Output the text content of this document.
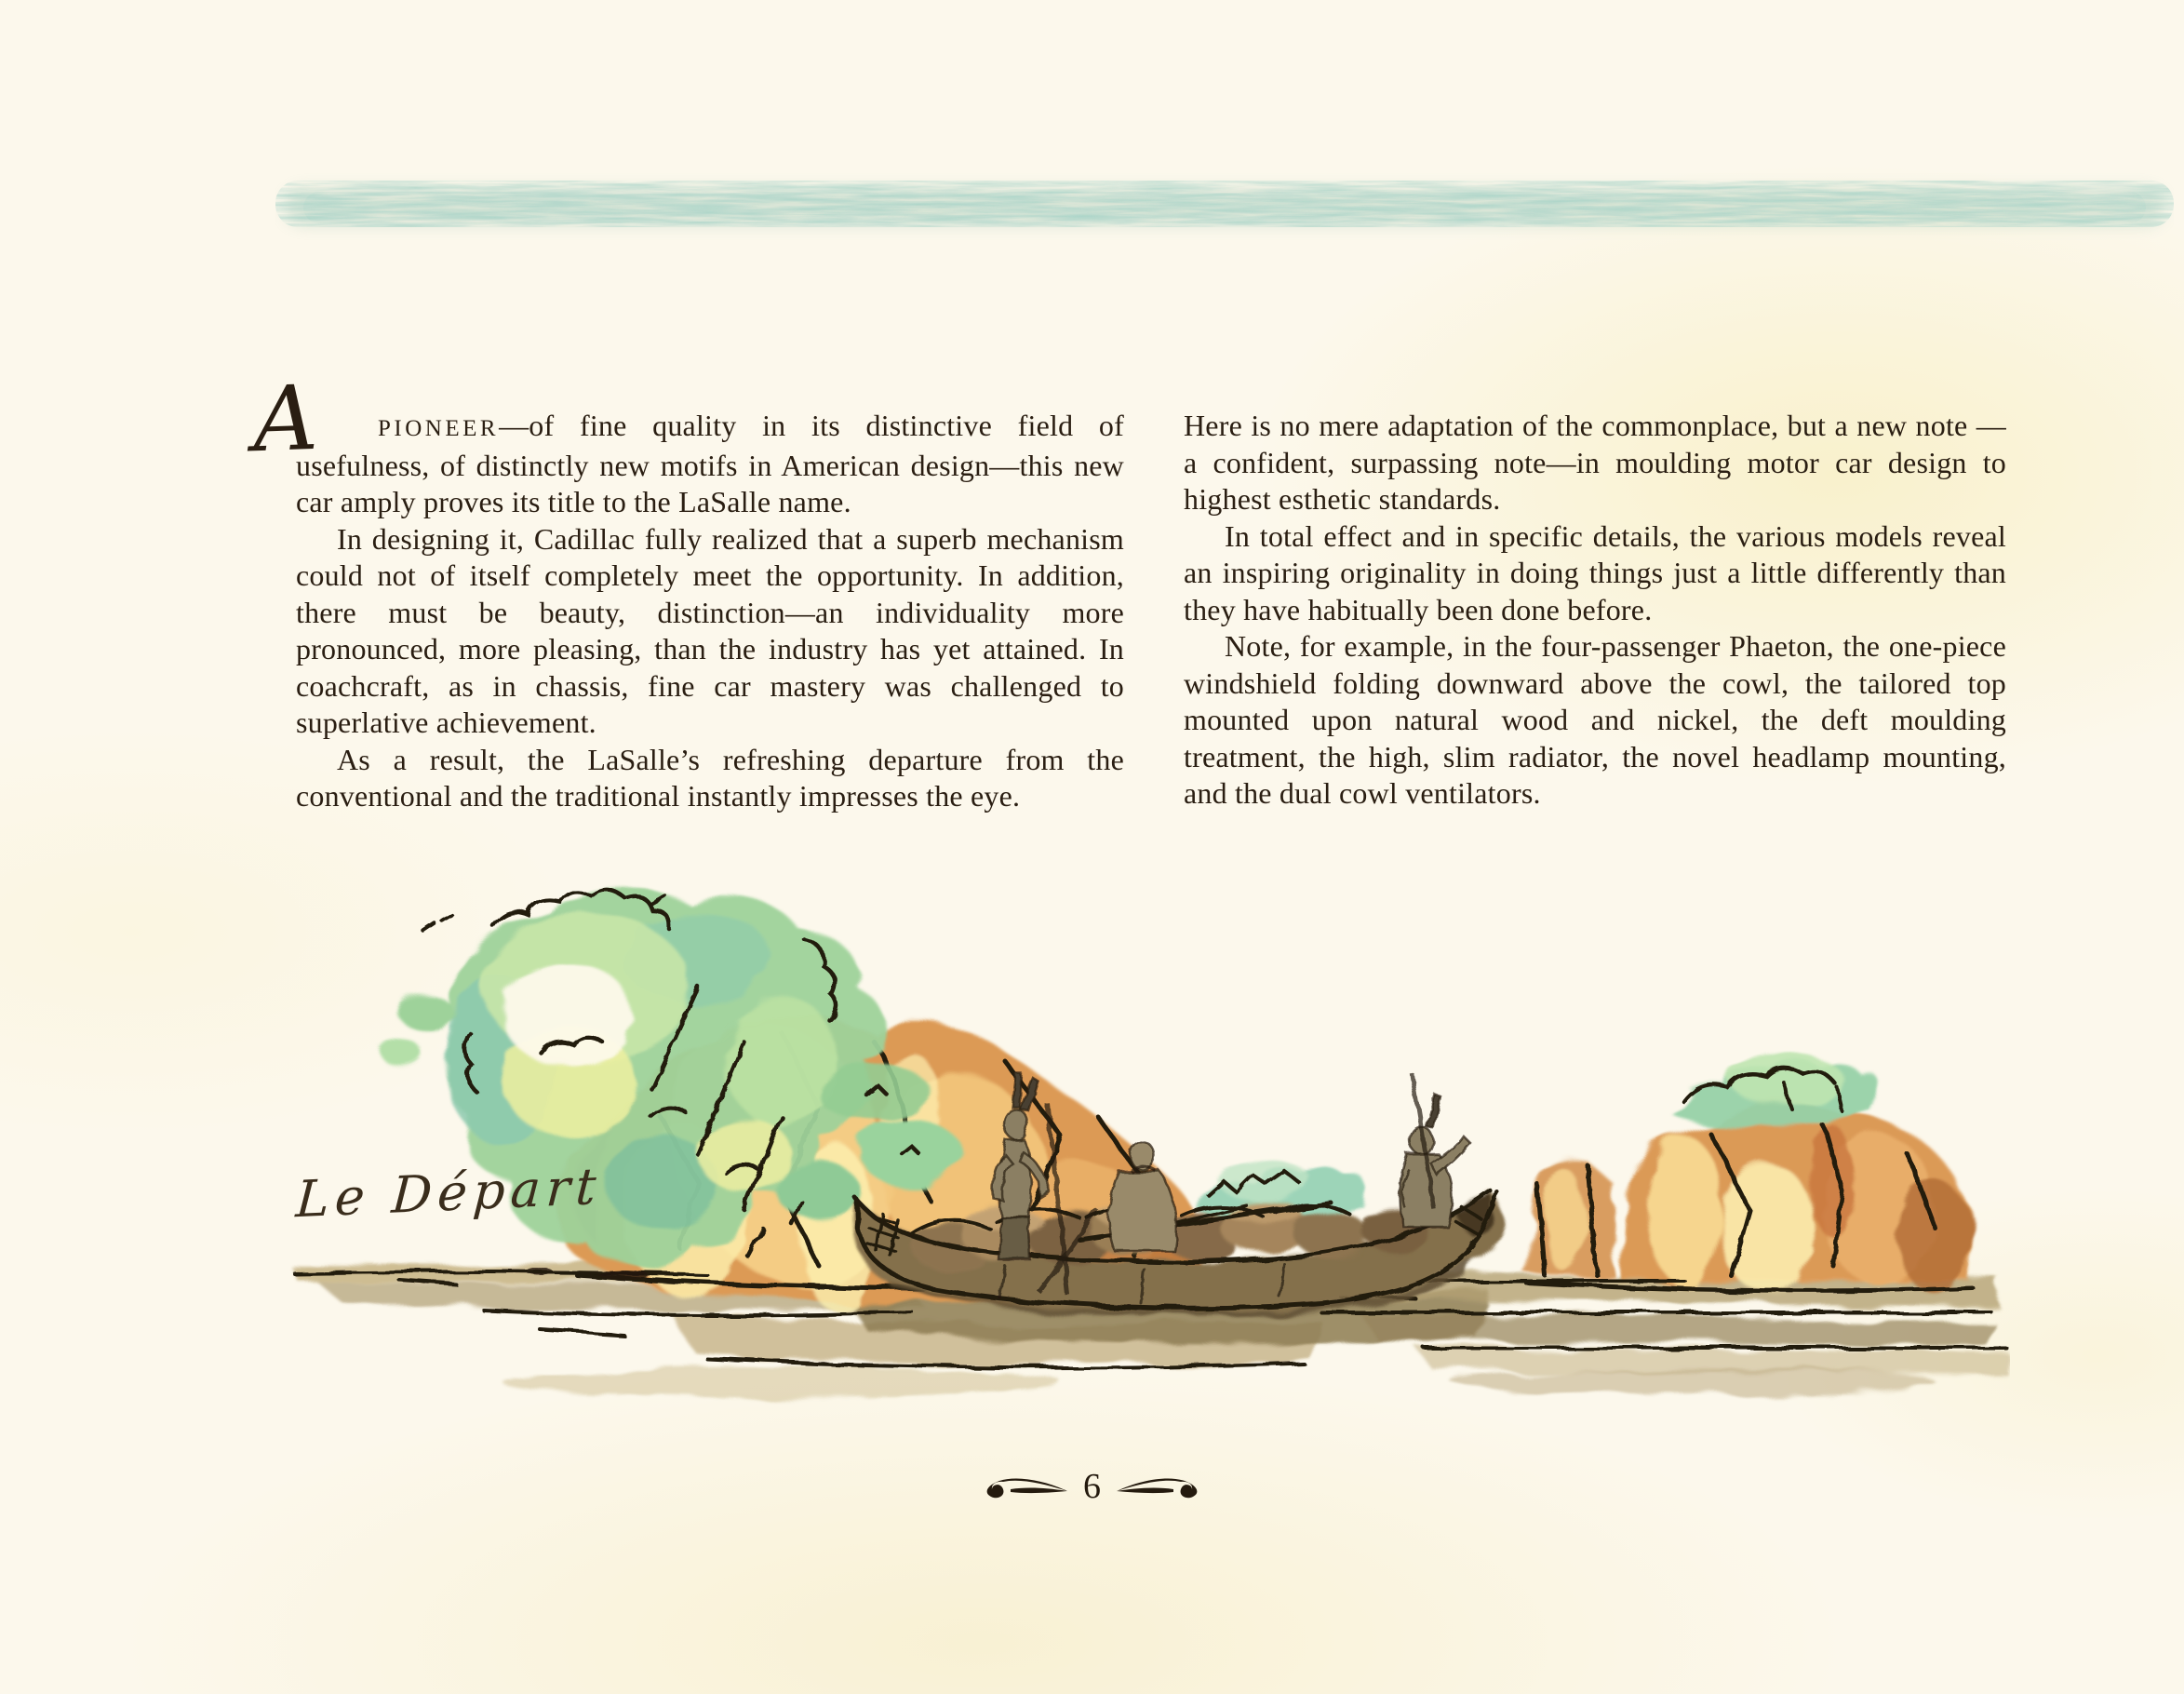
A	PIONEER—of fine quality in its distinctive field of usefulness, of distinctly new motifs in American design—this new car amply proves its title to the LaSalle name.

In designing it, Cadillac fully realized that a superb mechanism could not of itself completely meet the opportunity. In addition, there must be beauty, distinction—an individuality more pronounced, more pleasing, than the industry has yet attained. In coachcraft, as in chassis, fine car mastery was challenged to superlative achievement.

As a result, the LaSalle’s refreshing departure from the conventional and the traditional instantly impresses the eye.

Here is no mere adaptation of the commonplace, but a new note —a confident, surpassing note—in moulding motor car design to highest esthetic standards.

In total effect and in specific details, the various models reveal an inspiring originality in doing things just a little differently than they have habitually been done before.

Note, for example, in the four-passenger Phaeton, the one-piece windshield folding downward above the cowl, the tailored top mounted upon natural wood and nickel, the deft moulding treatment, the high, slim radiator, the novel headlamp mounting, and the dual cowl ventilators.

Le Départ
6
